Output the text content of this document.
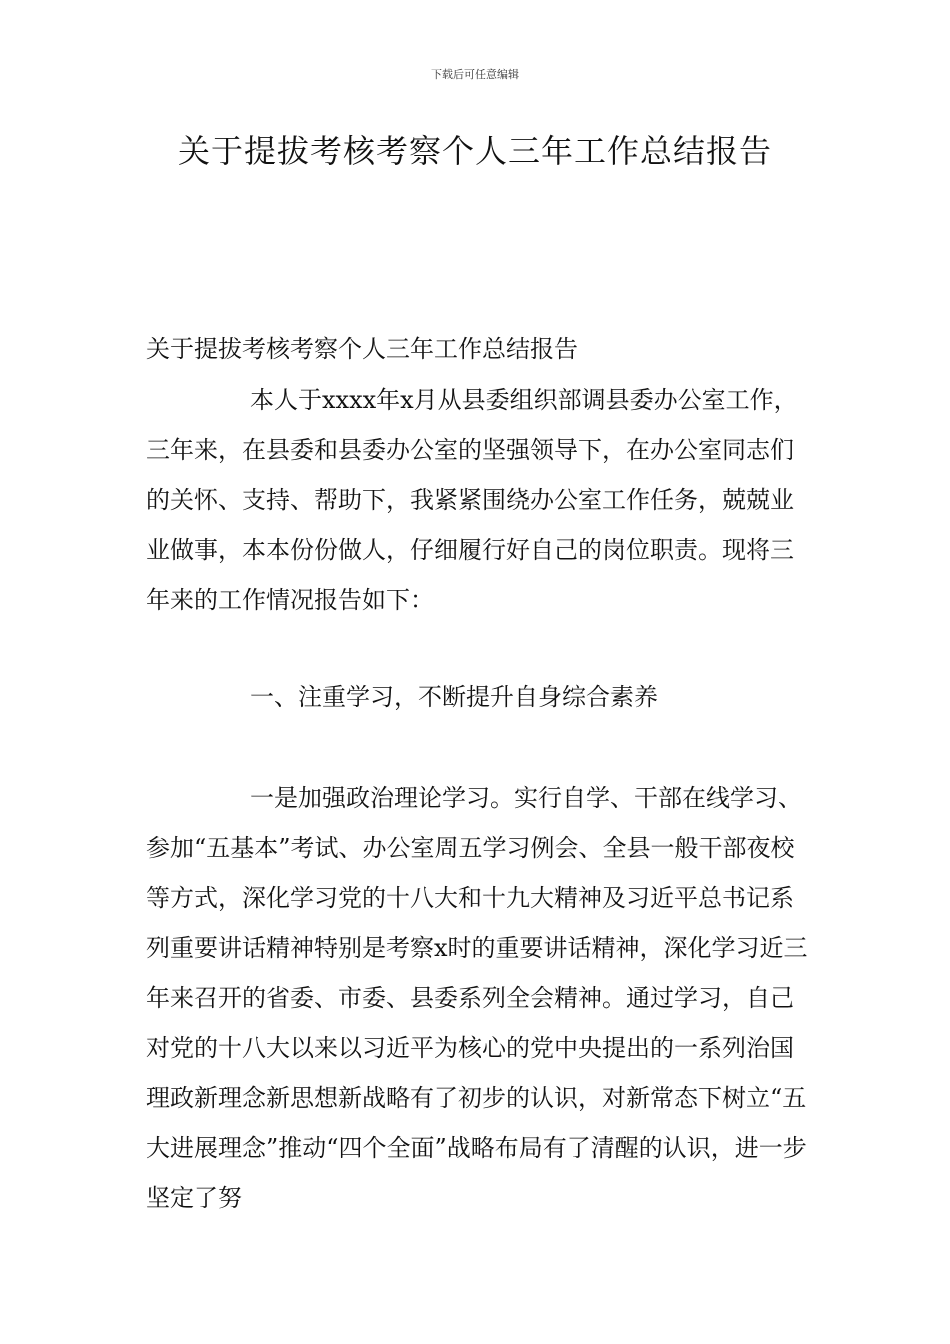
下载后可任意编辑
关于提拔考核考察个人三年工作总结报告

关于提拔考核考察个人三年工作总结报告

本人于xxxx年x月从县委组织部调县委办公室工作，三年来，在县委和县委办公室的坚强领导下，在办公室同志们的关怀、支持、帮助下，我紧紧围绕办公室工作任务，兢兢业业做事，本本份份做人，仔细履行好自己的岗位职责。现将三年来的工作情况报告如下：

一、注重学习，不断提升自身综合素养

一是加强政治理论学习。实行自学、干部在线学习、参加“五基本”考试、办公室周五学习例会、全县一般干部夜校等方式，深化学习党的十八大和十九大精神及习近平总书记系列重要讲话精神特别是考察x时的重要讲话精神，深化学习近三年来召开的省委、市委、县委系列全会精神。通过学习，自己对党的十八大以来以习近平为核心的党中央提出的一系列治国理政新理念新思想新战略有了初步的认识，对新常态下树立“五大进展理念”推动“四个全面”战略布局有了清醒的认识，进一步坚定了努
